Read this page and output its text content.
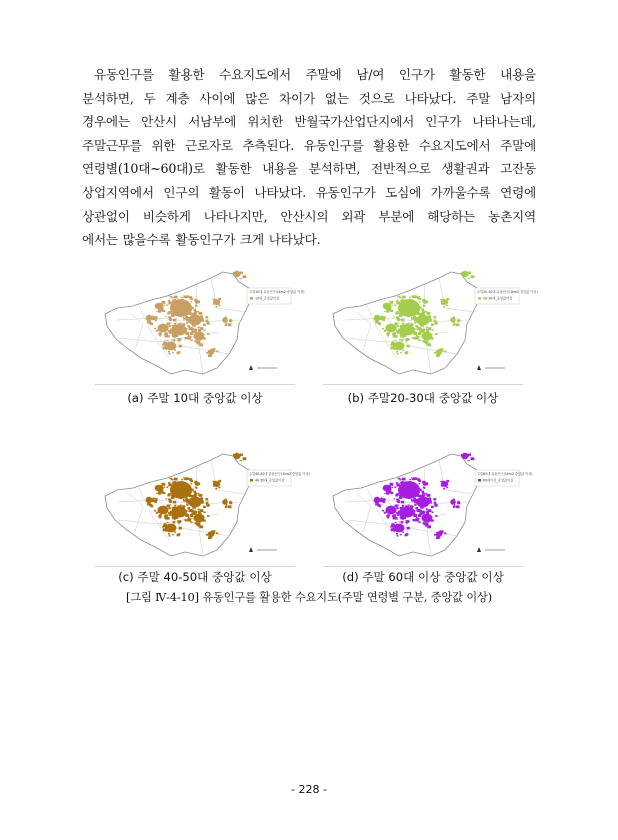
유동인구를 활용한 수요지도에서 주말에 남/여 인구가 활동한 내용을
분석하면, 두 계층 사이에 많은 차이가 없는 것으로 나타났다. 주말 남자의
경우에는 안산시 서남부에 위치한 반월국가산업단지에서 인구가 나타나는데,
주말근무를 위한 근로자로 추측된다. 유동인구를 활용한 수요지도에서 주말에
연령별(10대~60대)로 활동한 내용을 분석하면, 전반적으로 생활권과 고잔동
상업지역에서 인구의 활동이 나타났다. 유동인구가 도심에 가까울수록 연령에
상관없이 비슷하게 나타나지만, 안산시의 외곽 부분에 해당하는 농촌지역
에서는 많을수록 활동인구가 크게 나타났다.

주말10대 유동인구(1km2 중앙값 이상)
10대_중앙값이상
주말20-30대 유동인구(1km2 중앙값 이상)
20-30대_중앙값이상
주말40-50대 유동인구(1km2 중앙값 이상)
40-50대_중앙값이상
주말60대 유동인구(1km2 중앙값 이상)
60대이상_중앙값이상
(a) 주말 10대 중앙값 이상	(b) 주말20-30대 중앙값 이상
(c) 주말 40-50대 중앙값 이상	(d) 주말 60대 이상 중앙값 이상
[그림 Ⅳ-4-10] 유동인구를 활용한 수요지도(주말 연령별 구분, 중앙값 이상)
- 228 -
